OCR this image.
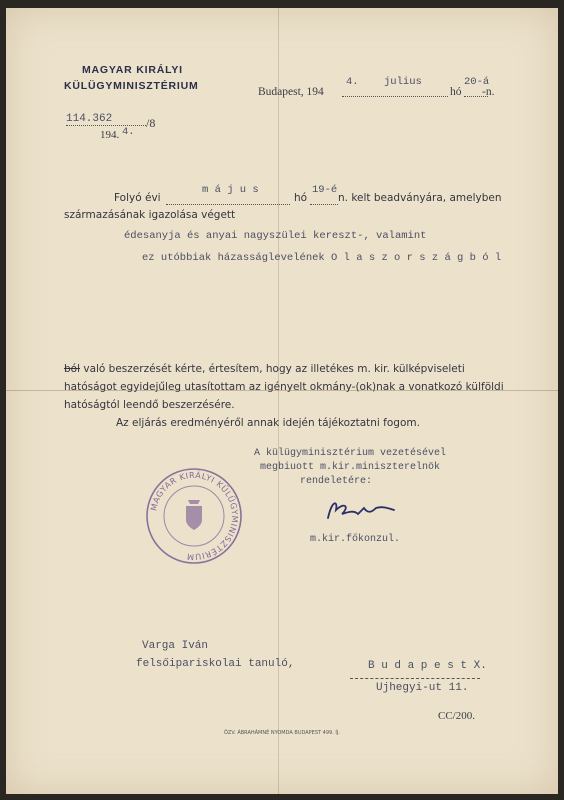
MAGYAR KIRÁLYI
KÜLÜGYMINISZTÉRIUM
114.362	/8
194. 4.
Budapest, 194
4. julius
hó
20-á
-n.
Folyó évi
m á j u s
hó
19-é
n. kelt beadványára, amelyben
származásának igazolása végett
édesanyja és anyai nagyszülei kereszt-, valamint
ez utóbbiak házasságlevelének O l a s z o r s z á g b ó l
ból való beszerzését kérte, értesítem, hogy az illetékes m. kir. külképviseleti
hatóságot egyidejűleg utasítottam az igényelt okmány-(ok)nak a vonatkozó külföldi
hatóságtól leendő beszerzésére.
Az eljárás eredményéről annak idején tájékoztatni fogom.
A külügyminisztérium vezetésével
megbiuott m.kir.miniszterelnök
rendeletére:
m.kir.főkonzul.
MAGYAR KIRÁLYI KÜLÜGYMINISZTÉRIUM
Varga Iván
felsőipariskolai tanuló,	B u d a p e s t X.
Ujhegyi-ut 11.
CC/200.
ÖZV. ÁBRAHÁMNÉ NYOMDA BUDAPEST 499. ÍJ.
